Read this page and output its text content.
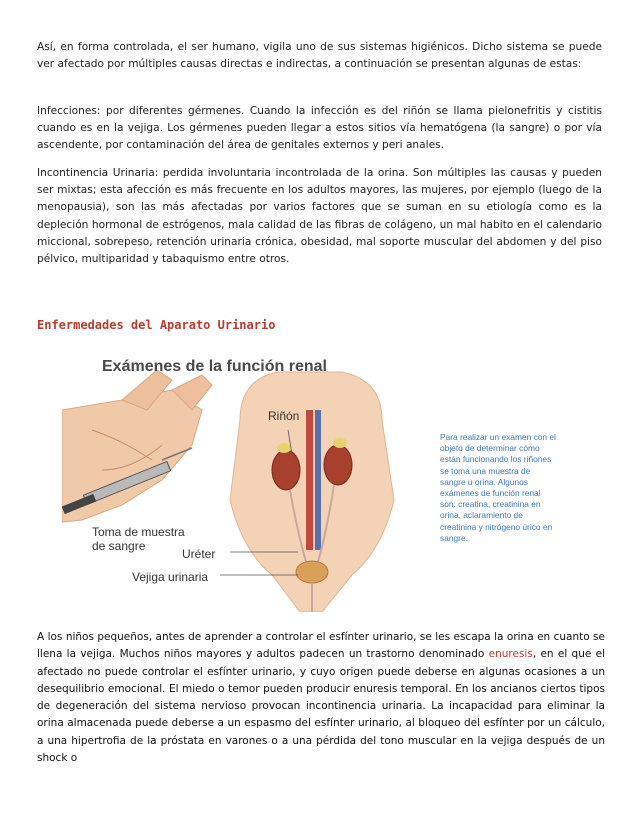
Así, en forma controlada, el ser humano, vigila uno de sus sistemas higiénicos. Dicho sistema se puede ver afectado por múltiples causas directas e indirectas, a continuación se presentan algunas de estas:

Infecciones: por diferentes gérmenes. Cuando la infección es del riñón se llama pielonefritis y cistitis cuando es en la vejiga. Los gérmenes pueden llegar a estos sitios vía hematógena (la sangre) o por vía ascendente, por contaminación del área de genitales externos y peri anales.

Incontinencia Urinaria: perdida involuntaria incontrolada de la orina. Son múltiples las causas y pueden ser mixtas; esta afección es más frecuente en los adultos mayores, las mujeres, por ejemplo (luego de la menopausia), son las más afectadas por varios factores que se suman en su etiología como es la depleción hormonal de estrógenos, mala calidad de las fibras de colágeno, un mal habito en el calendario miccional, sobrepeso, retención urinaria crónica, obesidad, mal soporte muscular del abdomen y del piso pélvico, multiparidad y tabaquismo entre otros.

Enfermedades del Aparato Urinario

Exámenes de la función renal

Riñón

Toma de muestra

de sangre

Uréter

Vejiga urinaria

Para realizar un examen con el objeto de determinar cómo están funcionando los riñones se toma una muestra de sangre u orina. Algunos exámenes de función renal son: creatina, creatinina en orina, aclaramiento de creatinina y nitrógeno úrico en sangre.

A los niños pequeños, antes de aprender a controlar el esfínter urinario, se les escapa la orina en cuanto se llena la vejiga. Muchos niños mayores y adultos padecen un trastorno denominado enuresis, en el que el afectado no puede controlar el esfínter urinario, y cuyo origen puede deberse en algunas ocasiones a un desequilibrio emocional. El miedo o temor pueden producir enuresis temporal. En los ancianos ciertos tipos de degeneración del sistema nervioso provocan incontinencia urinaria. La incapacidad para eliminar la orina almacenada puede deberse a un espasmo del esfínter urinario, al bloqueo del esfínter por un cálculo, a una hipertrofia de la próstata en varones o a una pérdida del tono muscular en la vejiga después de un shock o
